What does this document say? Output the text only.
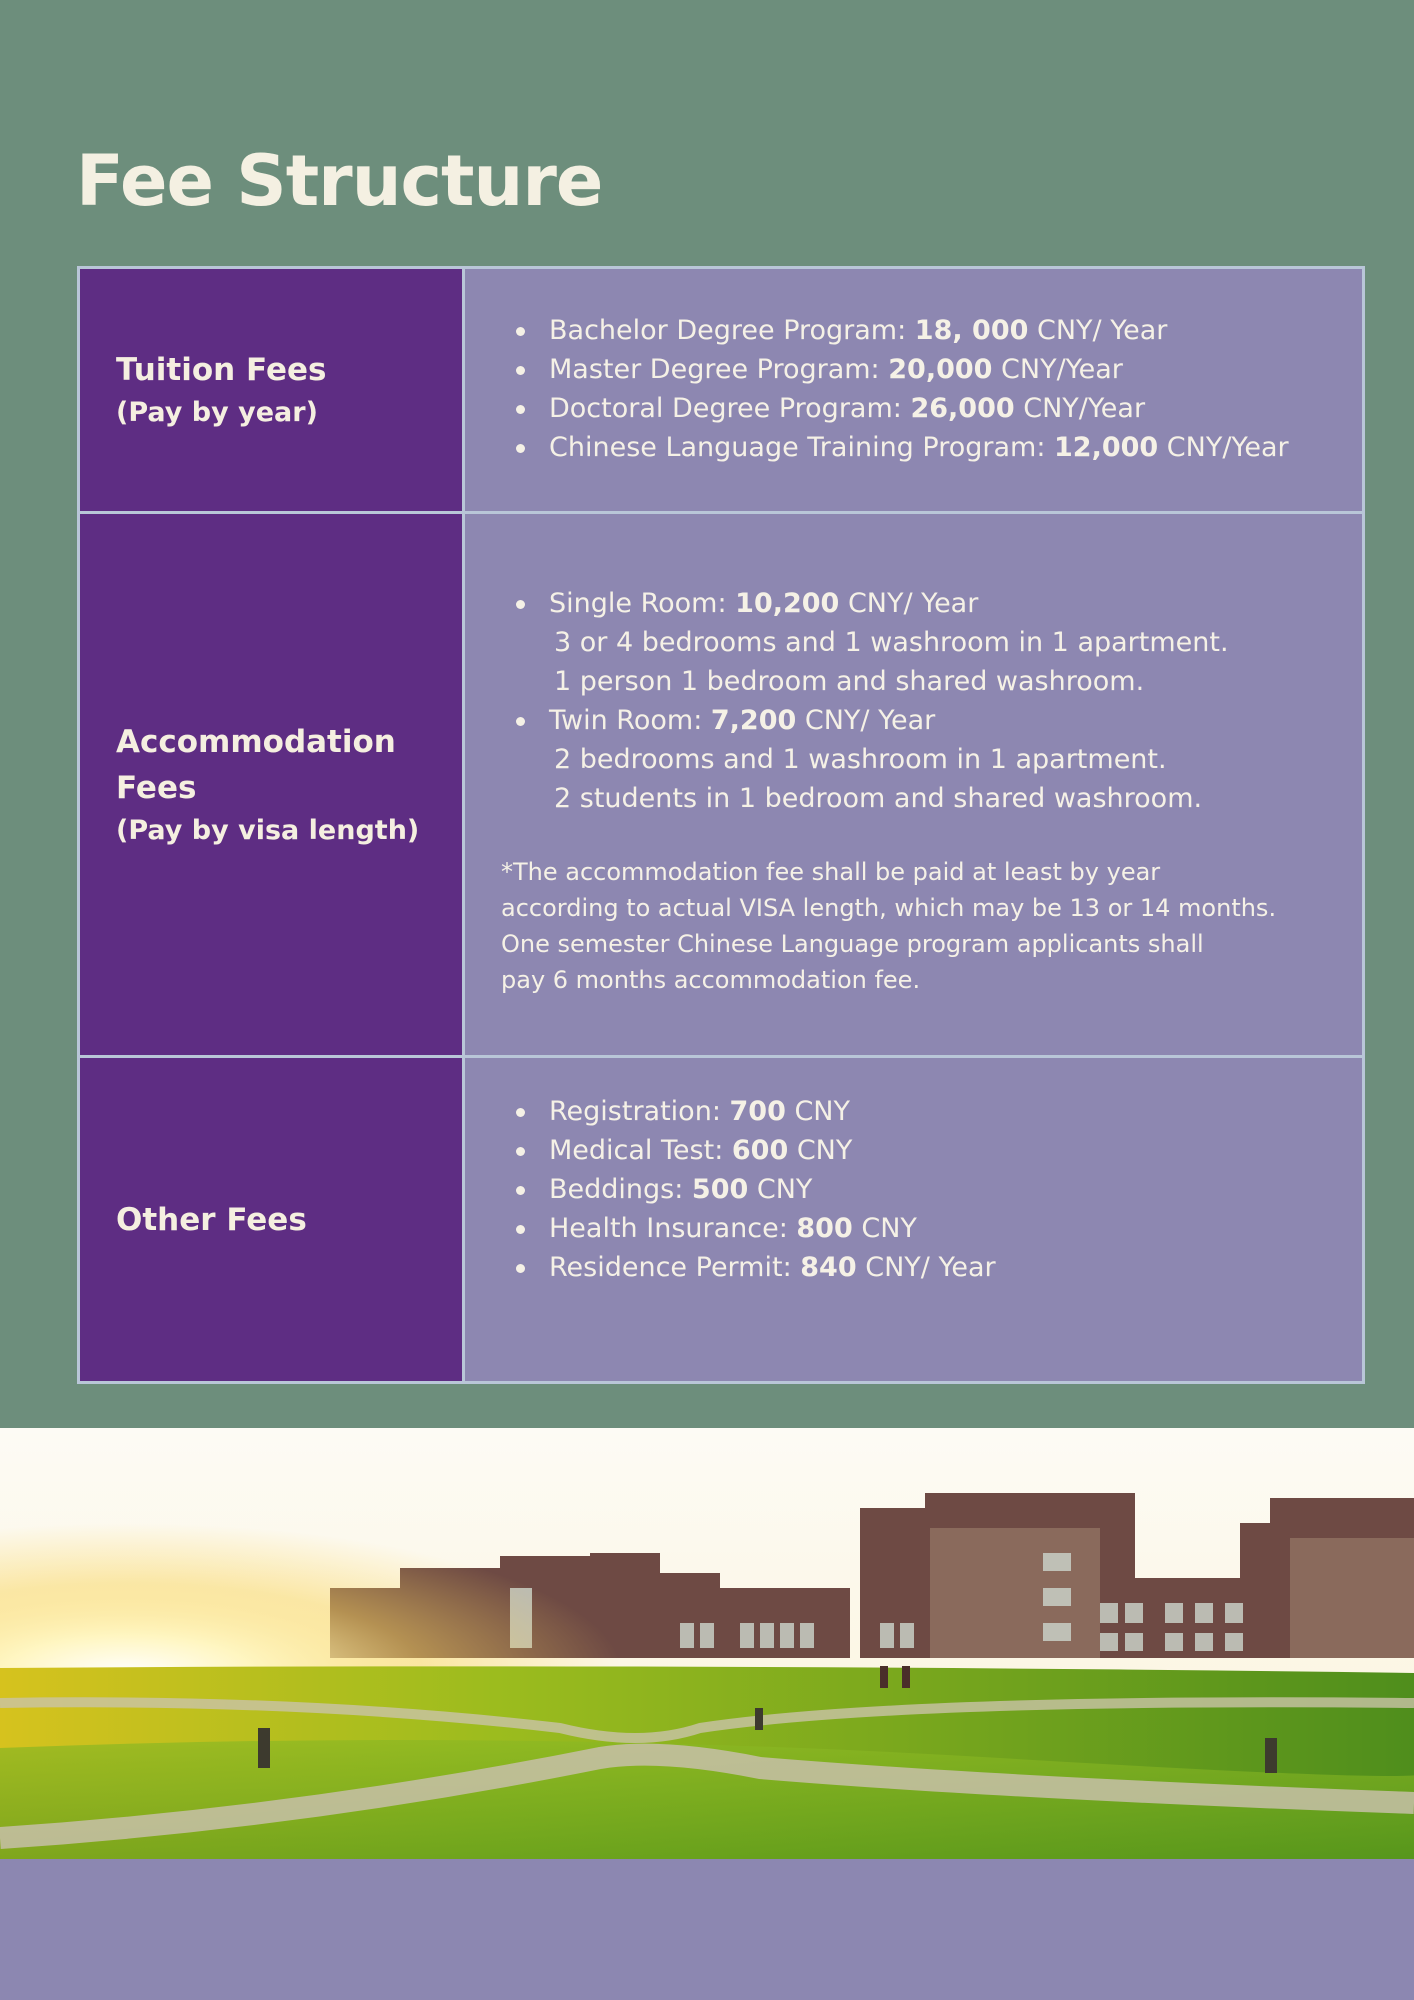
Fee Structure
Tuition Fees
(Pay by year)
Bachelor Degree Program: 18, 000 CNY/ Year
Master Degree Program: 20,000 CNY/Year
Doctoral Degree Program: 26,000 CNY/Year
Chinese Language Training Program: 12,000 CNY/Year
Accommodation
Fees
(Pay by visa length)
Single Room: 10,200 CNY/ Year
3 or 4 bedrooms and 1 washroom in 1 apartment.
1 person 1 bedroom and shared washroom.
Twin Room: 7,200 CNY/ Year
2 bedrooms and 1 washroom in 1 apartment.
2 students in 1 bedroom and shared washroom.
*The accommodation fee shall be paid at least by year
according to actual VISA length, which may be 13 or 14 months.
One semester Chinese Language program applicants shall
pay 6 months accommodation fee.
Other Fees
Registration: 700 CNY
Medical Test: 600 CNY
Beddings: 500 CNY
Health Insurance: 800 CNY
Residence Permit: 840 CNY/ Year
